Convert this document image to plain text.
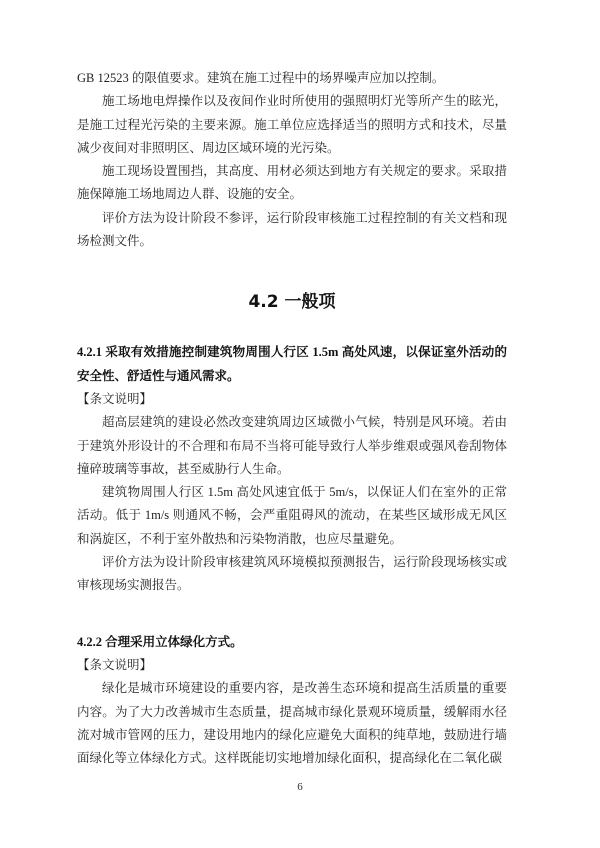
GB 12523 的限值要求。建筑在施工过程中的场界噪声应加以控制。

施工场地电焊操作以及夜间作业时所使用的强照明灯光等所产生的眩光，是施工过程光污染的主要来源。施工单位应选择适当的照明方式和技术，尽量减少夜间对非照明区、周边区域环境的光污染。

施工现场设置围挡，其高度、用材必须达到地方有关规定的要求。采取措施保障施工场地周边人群、设施的安全。

评价方法为设计阶段不参评，运行阶段审核施工过程控制的有关文档和现场检测文件。

4.2 一般项
4.2.1 采取有效措施控制建筑物周围人行区 1.5m 高处风速，以保证室外活动的安全性、舒适性与通风需求。

【条文说明】

超高层建筑的建设必然改变建筑周边区域微小气候，特别是风环境。若由于建筑外形设计的不合理和布局不当将可能导致行人举步维艰或强风卷刮物体撞碎玻璃等事故，甚至威胁行人生命。

建筑物周围人行区 1.5m 高处风速宜低于 5m/s，以保证人们在室外的正常活动。低于 1m/s 则通风不畅，会严重阻碍风的流动，在某些区域形成无风区和涡旋区，不利于室外散热和污染物消散，也应尽量避免。

评价方法为设计阶段审核建筑风环境模拟预测报告，运行阶段现场核实或审核现场实测报告。

4.2.2 合理采用立体绿化方式。

【条文说明】

绿化是城市环境建设的重要内容，是改善生态环境和提高生活质量的重要内容。为了大力改善城市生态质量，提高城市绿化景观环境质量，缓解雨水径流对城市管网的压力，建设用地内的绿化应避免大面积的纯草地，鼓励进行墙面绿化等立体绿化方式。这样既能切实地增加绿化面积，提高绿化在二氧化碳

6
